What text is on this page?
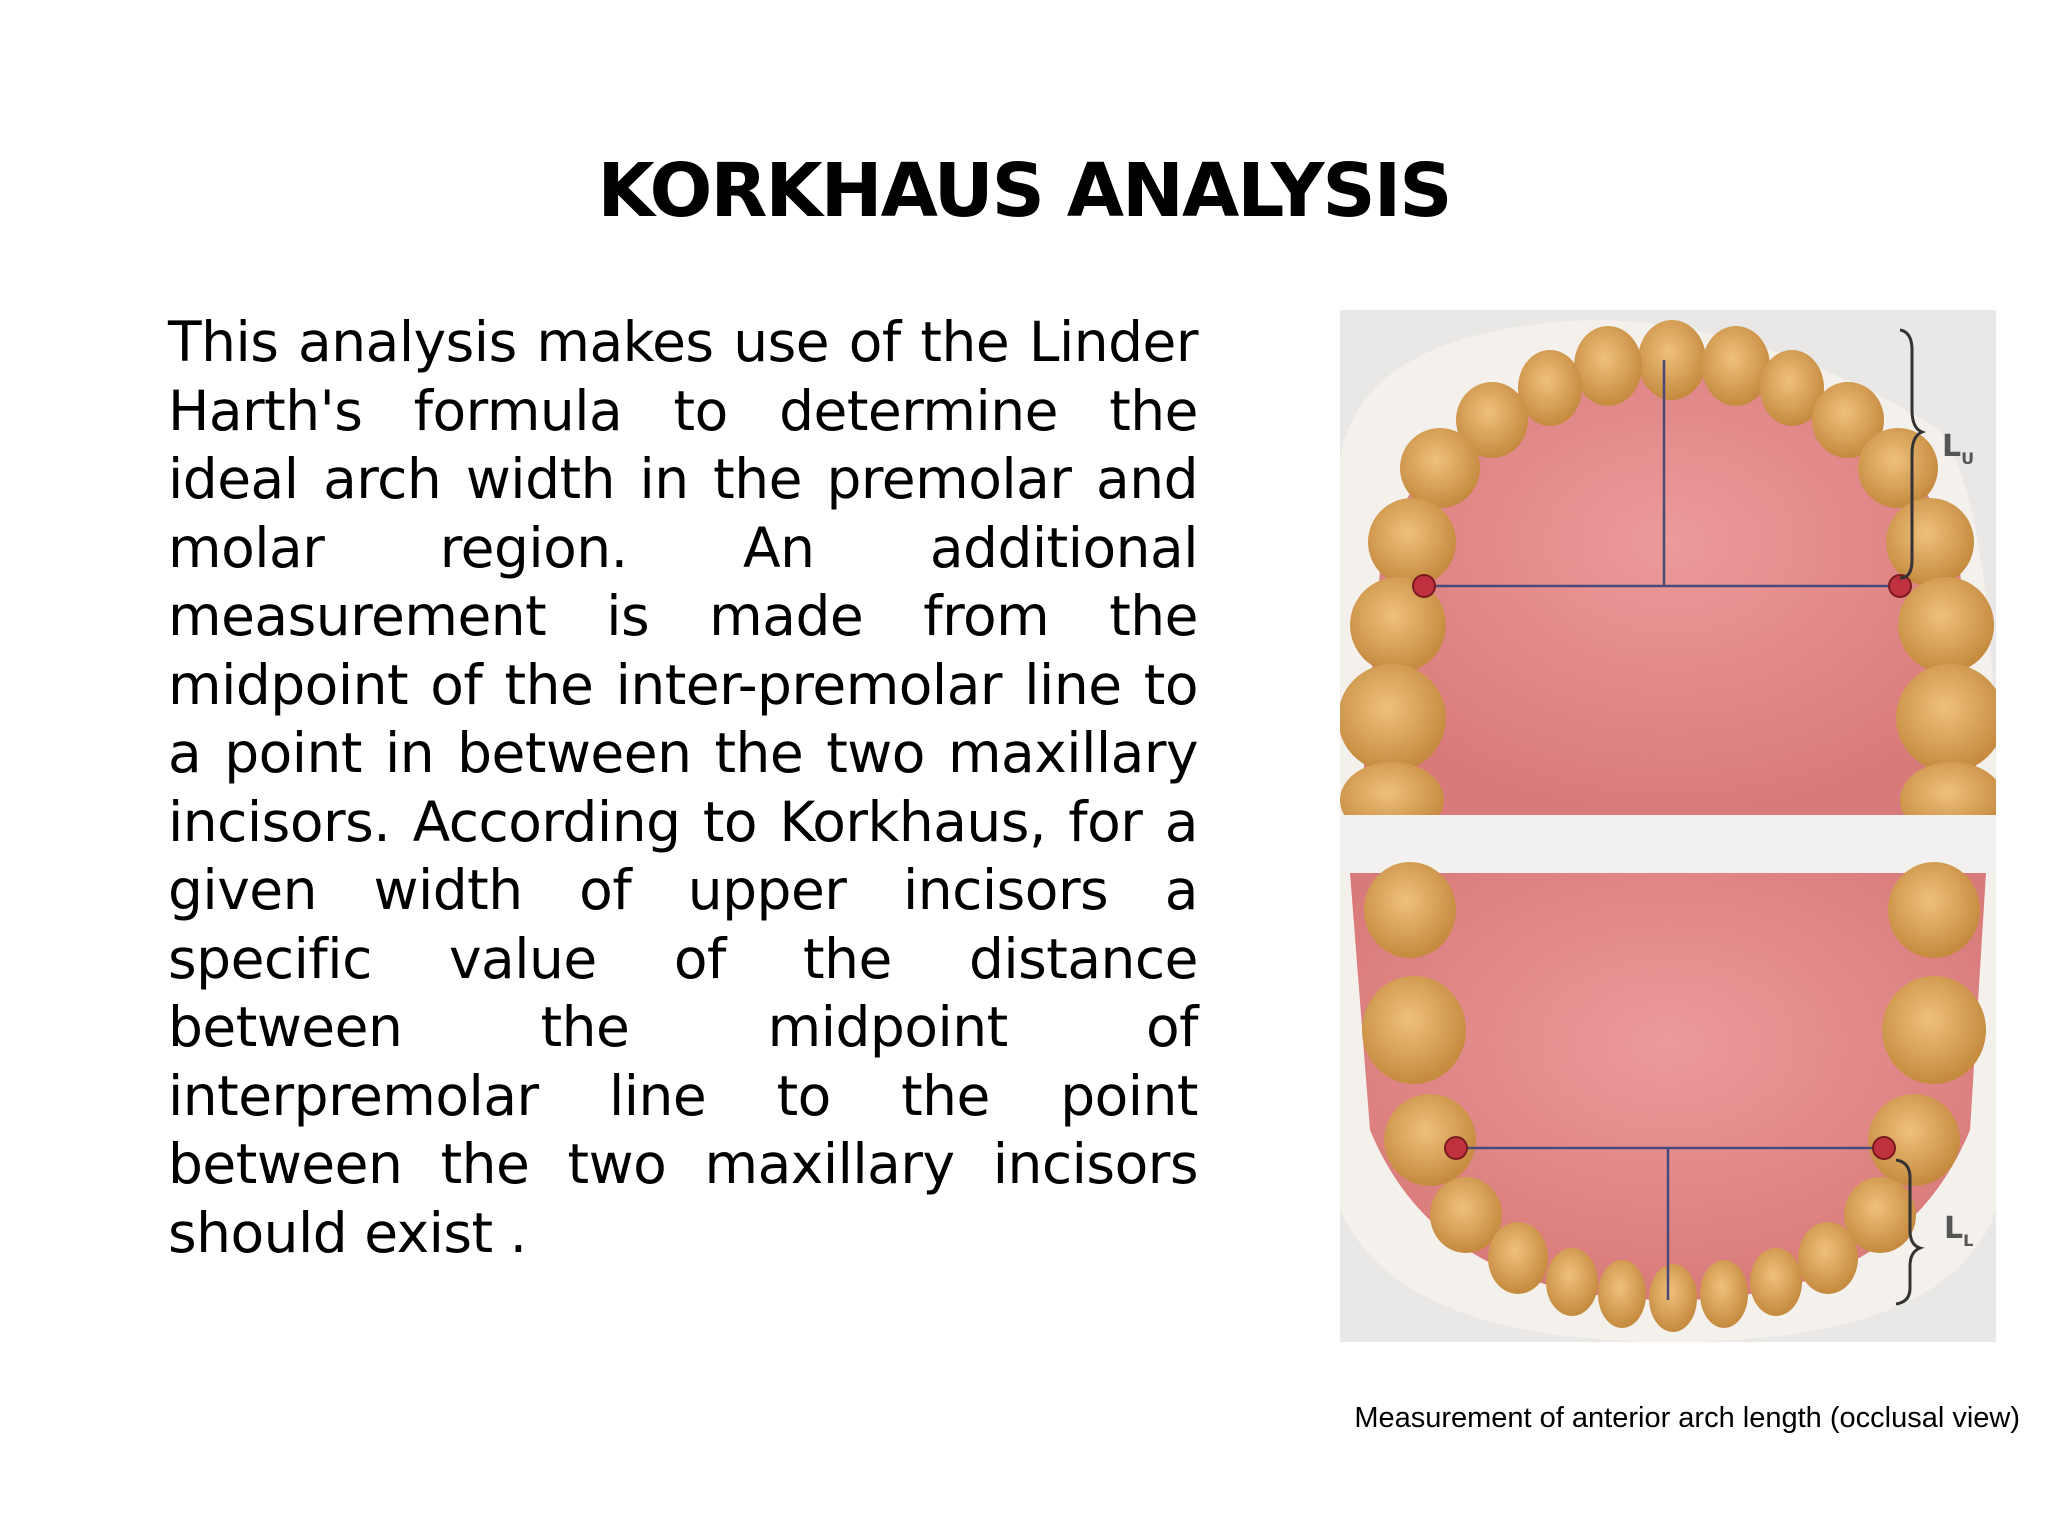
KORKHAUS ANALYSIS

This analysis makes use of the Linder Harth's formula to determine the ideal arch width in the premolar and molar region. An additional measurement is made from the midpoint of the inter-premolar line to a point in between the two maxillary incisors. According to Korkhaus, for a given width of upper incisors a specific value of the distance between the midpoint of interpremolar line to the point between the two maxillary incisors should exist .

$L_U$
$L_L$
Measurement of anterior arch length (occlusal view)
